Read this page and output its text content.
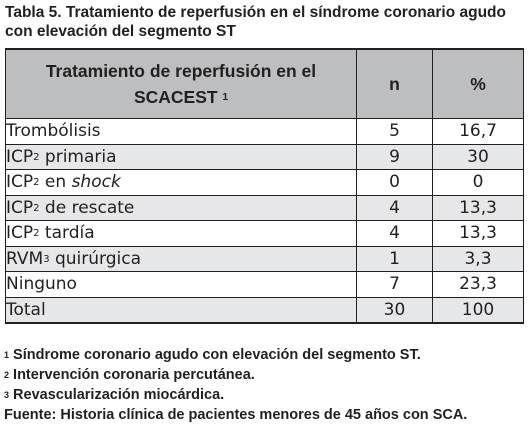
Tabla 5. Tratamiento de reperfusión en el síndrome coronario agudo
con elevación del segmento ST
Tratamiento de reperfusión en el
SCACEST $^1$	n	%
Trombólisis	5	16,7
ICP$^2$ primaria	9	30
ICP$^2$ en shock	0	0
ICP$^2$ de rescate	4	13,3
ICP$^2$ tardía	4	13,3
RVM$^3$ quirúrgica	1	3,3
Ninguno	7	23,3
Total	30	100
$^1$ Síndrome coronario agudo con elevación del segmento ST.
$^2$ Intervención coronaria percutánea.
$^3$ Revascularización miocárdica.
Fuente: Historia clínica de pacientes menores de 45 años con SCA.
